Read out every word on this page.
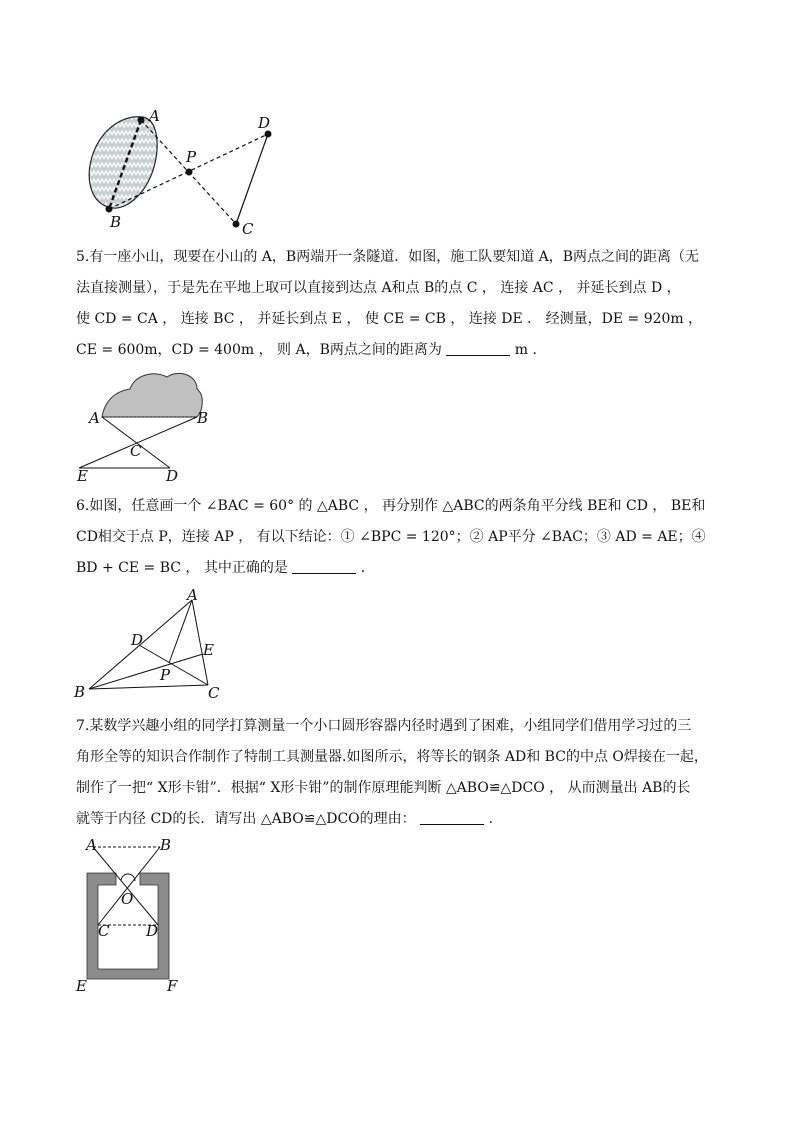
A
B
P
D
C
5.有一座小山，现要在小山的 A，B两端开一条隧道．如图，施工队要知道 A，B两点之间的距离（无
法直接测量），于是先在平地上取可以直接到达点 A和点 B的点 C ， 连接 AC ， 并延长到点 D ，
使 CD = CA ， 连接 BC ， 并延长到点 E ， 使 CE = CB ， 连接 DE ． 经测量，DE = 920m ，
CE = 600m，CD = 400m ， 则 A，B两点之间的距离为	m ．
A	B
C
E	D
6.如图，任意画一个 ∠BAC = 60° 的 △ABC ， 再分别作 △ABC的两条角平分线 BE和 CD ， BE和
CD相交于点 P，连接 AP ， 有以下结论：① ∠BPC = 120°；② AP平分 ∠BAC；③ AD = AE；④
BD + CE = BC ， 其中正确的是	．
A
B	C
D
E
P
7.某数学兴趣小组的同学打算测量一个小口圆形容器内径时遇到了困难，小组同学们借用学习过的三
角形全等的知识合作制作了特制工具测量器.如图所示，将等长的钢条 AD和 BC的中点 O焊接在一起，
制作了一把“ X形卡钳”．根据“ X形卡钳”的制作原理能判断 △ABO≌△DCO ， 从而测量出 AB的长
就等于内径 CD的长．请写出 △ABO≌△DCO的理由：	．
A	B
O
C D
E	F
